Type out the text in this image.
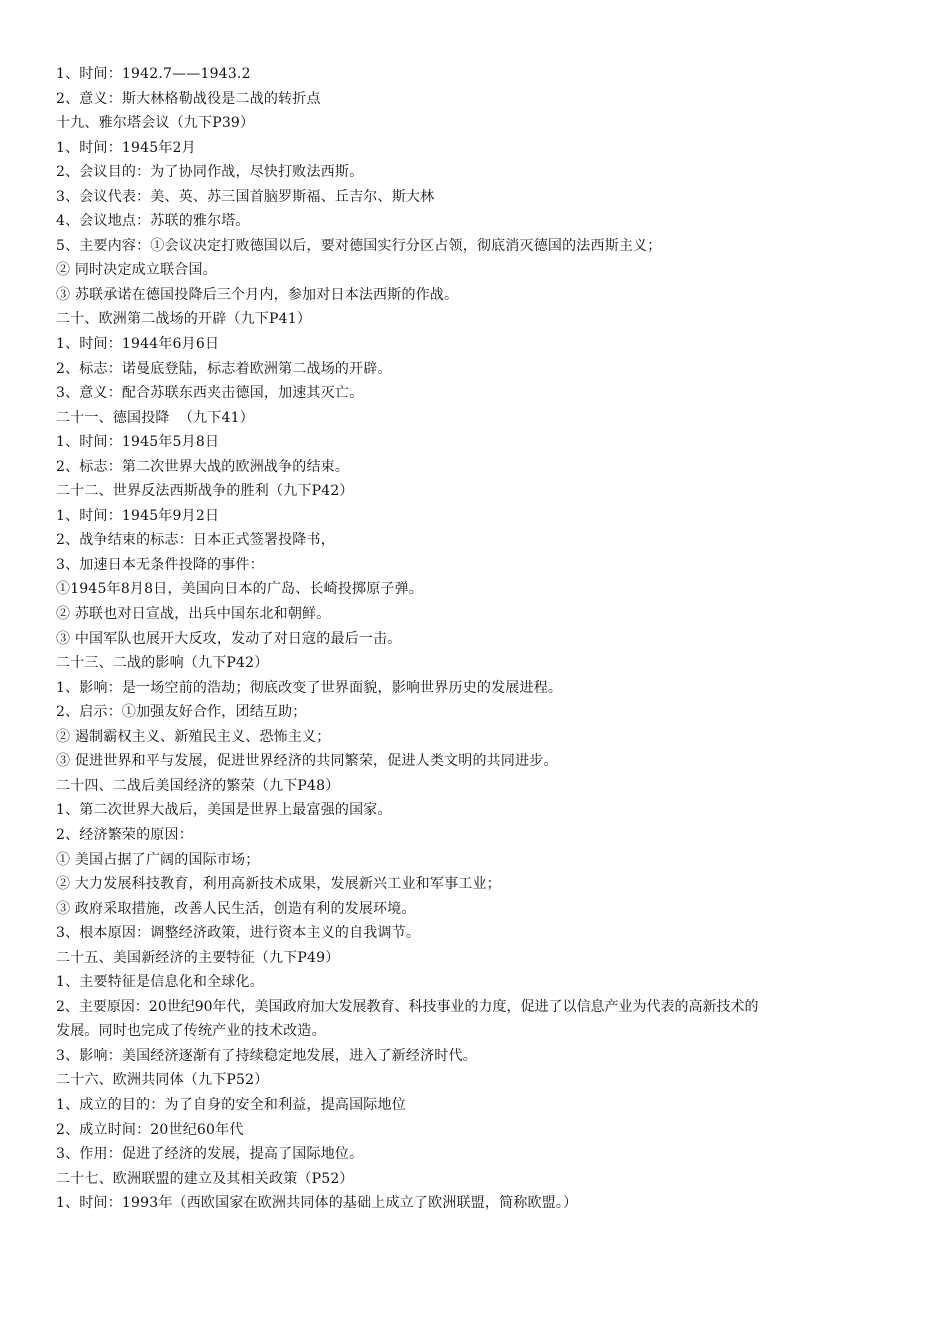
1、时间：1942.7——1943.2
2、意义：斯大林格勒战役是二战的转折点
十九、雅尔塔会议（九下P39）
1、时间：1945年2月
2、会议目的：为了协同作战，尽快打败法西斯。
3、会议代表：美、英、苏三国首脑罗斯福、丘吉尔、斯大林
4、会议地点：苏联的雅尔塔。
5、主要内容：①会议决定打败德国以后，要对德国实行分区占领，彻底消灭德国的法西斯主义；
② 同时决定成立联合国。
③ 苏联承诺在德国投降后三个月内，参加对日本法西斯的作战。
二十、欧洲第二战场的开辟（九下P41）
1、时间：1944年6月6日
2、标志：诺曼底登陆，标志着欧洲第二战场的开辟。
3、意义：配合苏联东西夹击德国，加速其灭亡。
二十一、德国投降  （九下41）
1、时间：1945年5月8日
2、标志：第二次世界大战的欧洲战争的结束。
二十二、世界反法西斯战争的胜利（九下P42）
1、时间：1945年9月2日
2、战争结束的标志：日本正式签署投降书，
3、加速日本无条件投降的事件：
①1945年8月8日，美国向日本的广岛、长崎投掷原子弹。
② 苏联也对日宣战，出兵中国东北和朝鲜。
③ 中国军队也展开大反攻，发动了对日寇的最后一击。
二十三、二战的影响（九下P42）
1、影响：是一场空前的浩劫；彻底改变了世界面貌，影响世界历史的发展进程。
2、启示：①加强友好合作，团结互助；
② 遏制霸权主义、新殖民主义、恐怖主义；
③ 促进世界和平与发展，促进世界经济的共同繁荣，促进人类文明的共同进步。
二十四、二战后美国经济的繁荣（九下P48）
1、第二次世界大战后，美国是世界上最富强的国家。
2、经济繁荣的原因：
① 美国占据了广阔的国际市场；
② 大力发展科技教育，利用高新技术成果，发展新兴工业和军事工业；
③ 政府采取措施，改善人民生活，创造有利的发展环境。
3、根本原因：调整经济政策，进行资本主义的自我调节。
二十五、美国新经济的主要特征（九下P49）
1、主要特征是信息化和全球化。
2、主要原因：20世纪90年代，美国政府加大发展教育、科技事业的力度，促进了以信息产业为代表的高新技术的
发展。同时也完成了传统产业的技术改造。
3、影响：美国经济逐渐有了持续稳定地发展，进入了新经济时代。
二十六、欧洲共同体（九下P52）
1、成立的目的：为了自身的安全和利益，提高国际地位
2、成立时间：20世纪60年代
3、作用：促进了经济的发展，提高了国际地位。
二十七、欧洲联盟的建立及其相关政策（P52）
1、时间：1993年（西欧国家在欧洲共同体的基础上成立了欧洲联盟，简称欧盟。）
